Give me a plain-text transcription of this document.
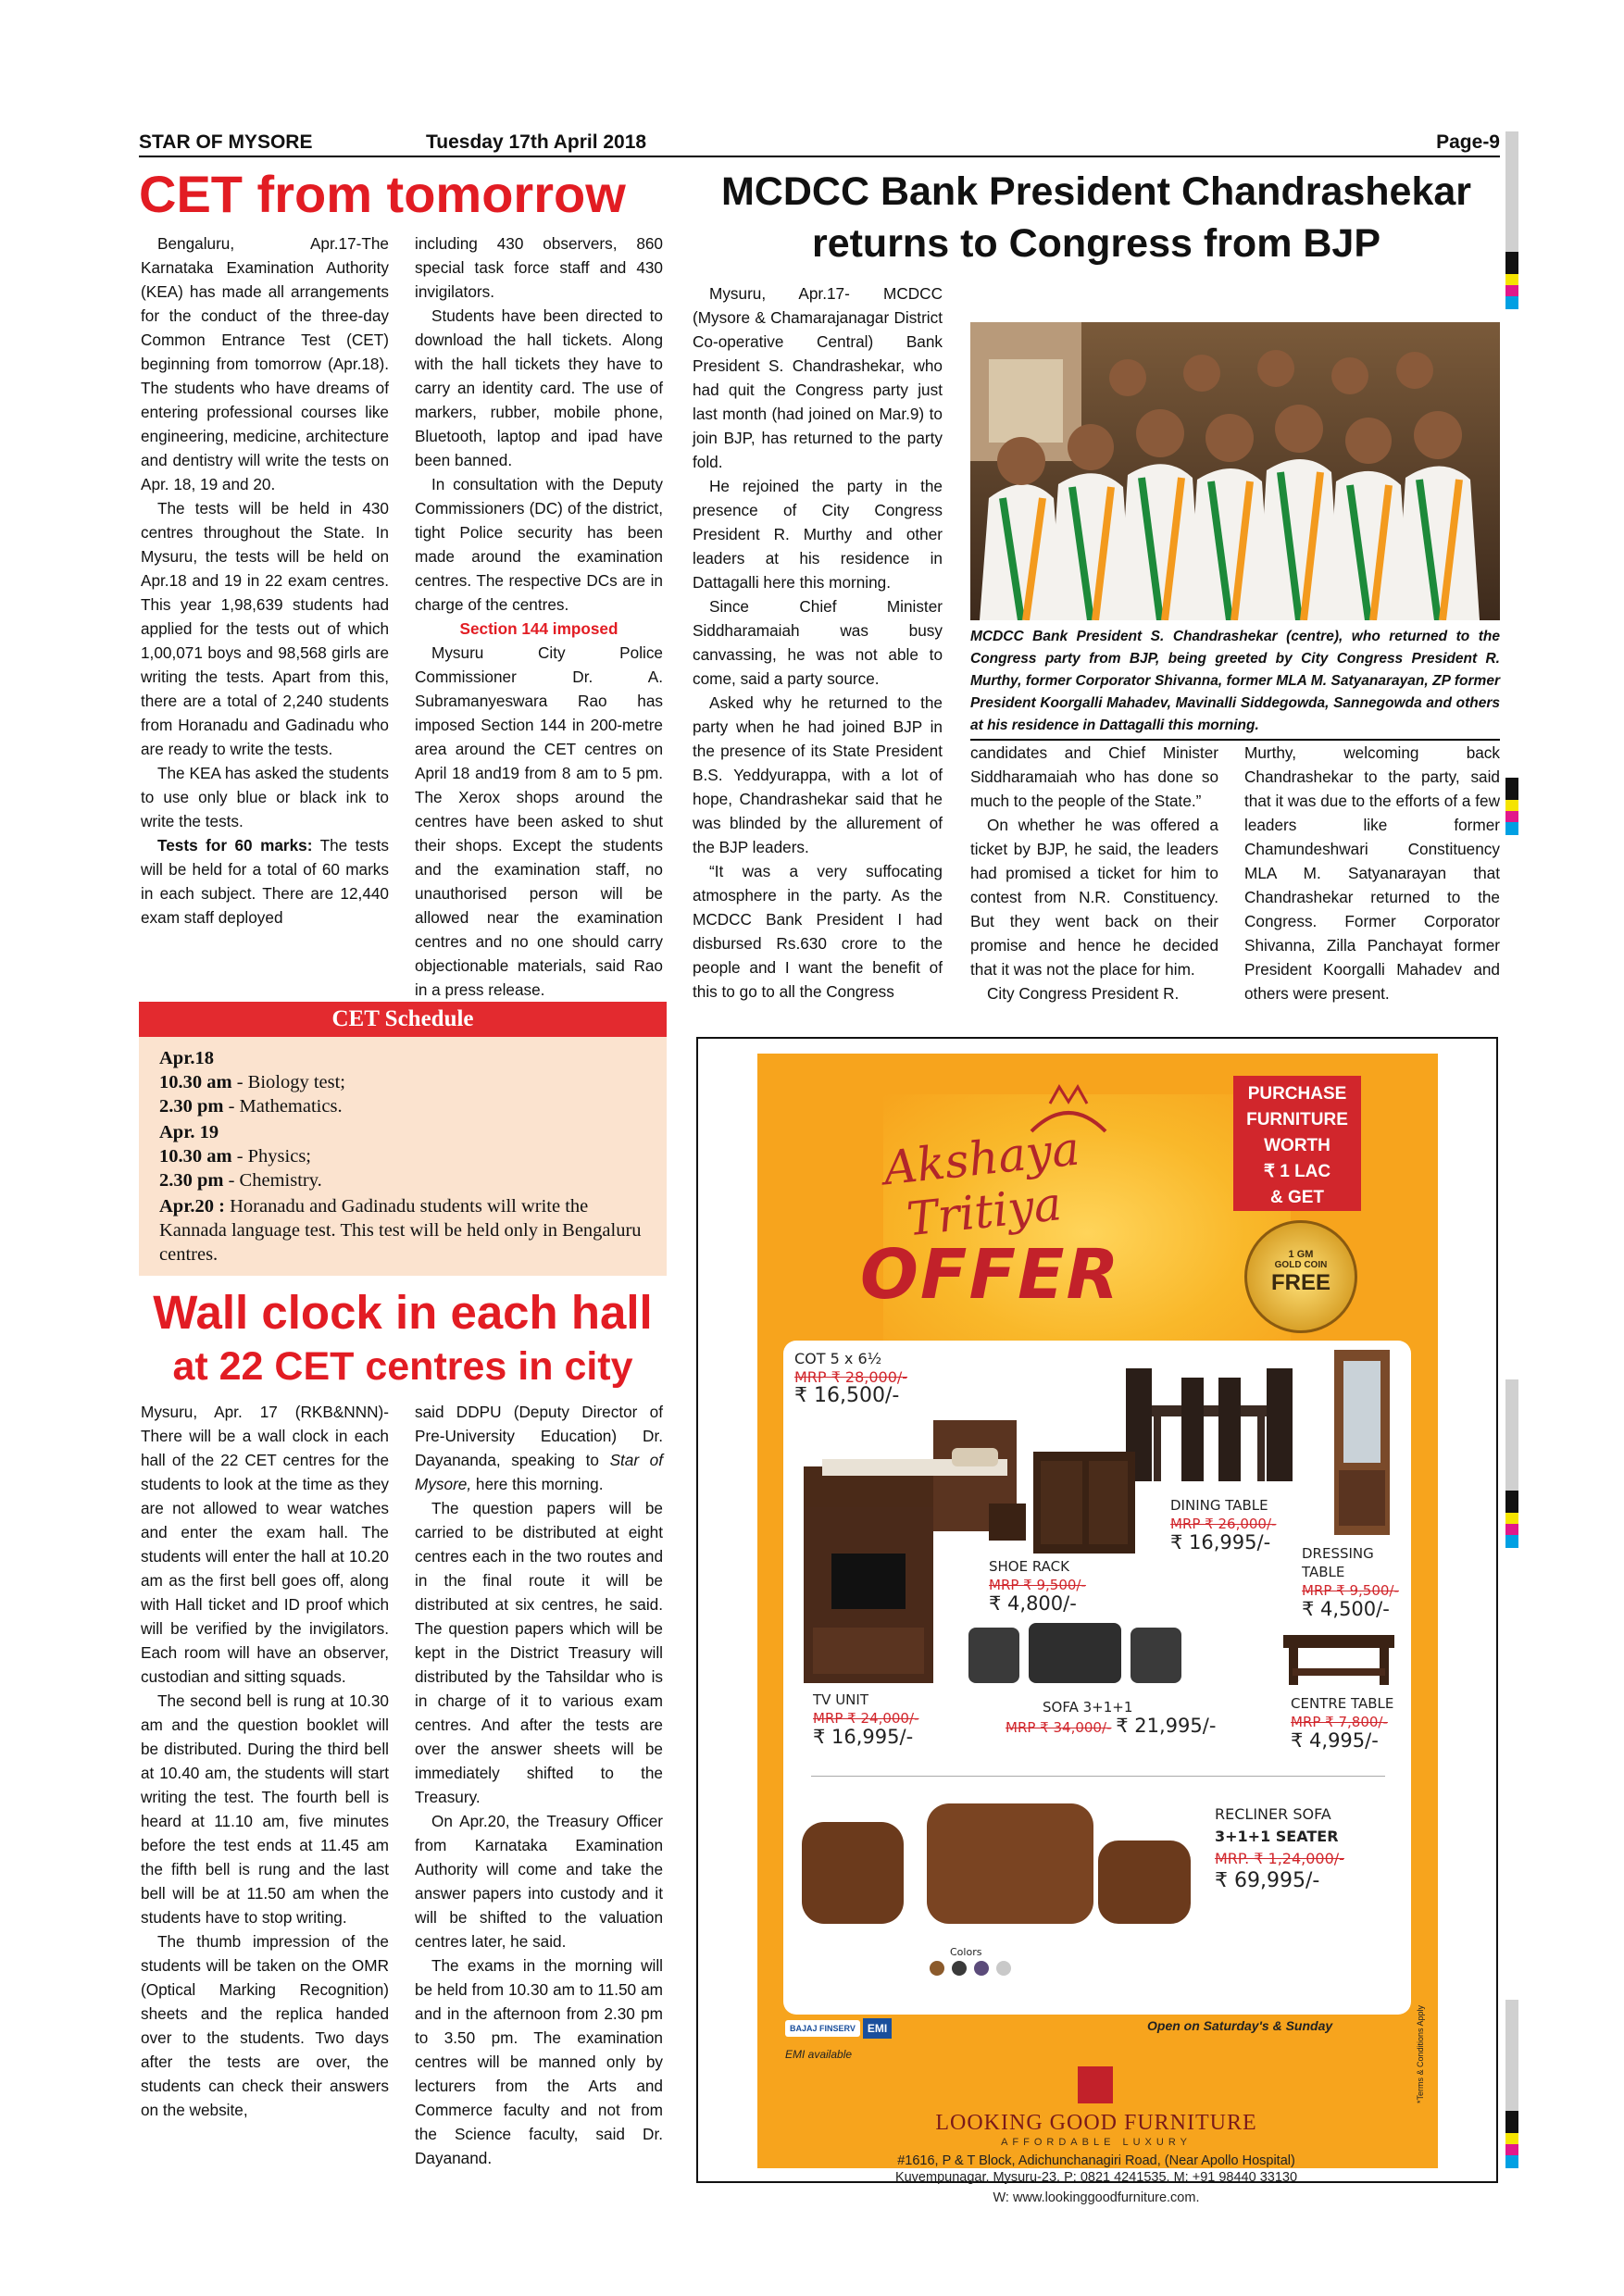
STAR OF MYSORE	Tuesday 17th April 2018	Page-9
CET from tomorrow

Bengaluru, Apr.17-The Karnataka Examination Authority (KEA) has made all arrangements for the conduct of the three-day Common Entrance Test (CET) beginning from tomorrow (Apr.18). The students who have dreams of entering professional courses like engineering, medicine, architecture and dentistry will write the tests on Apr. 18, 19 and 20.

The tests will be held in 430 centres throughout the State. In Mysuru, the tests will be held on Apr.18 and 19 in 22 exam centres. This year 1,98,639 students had applied for the tests out of which 1,00,071 boys and 98,568 girls are writing the tests. Apart from this, there are a total of 2,240 students from Horanadu and Gadinadu who are ready to write the tests.

The KEA has asked the students to use only blue or black ink to write the tests.

Tests for 60 marks: The tests will be held for a total of 60 marks in each subject. There are 12,440 exam staff deployed

including 430 observers, 860 special task force staff and 430 invigilators.

Students have been directed to download the hall tickets. Along with the hall tickets they have to carry an identity card. The use of markers, rubber, mobile phone, Bluetooth, laptop and ipad have been banned.

In consultation with the Deputy Commissioners (DC) of the district, tight Police security has been made around the examination centres. The respective DCs are in charge of the centres.

Section 144 imposed

Mysuru City Police Commissioner Dr. A. Subramanyeswara Rao has imposed Section 144 in 200-metre area around the CET centres on April 18 and19 from 8 am to 5 pm. The Xerox shops around the centres have been asked to shut their shops. Except the students and the examination staff, no unauthorised person will be allowed near the examination centres and no one should carry objectionable materials, said Rao in a press release.

CET Schedule
Apr.18
10.30 am - Biology test;
2.30 pm - Mathematics.
Apr. 19
10.30 am - Physics;
2.30 pm - Chemistry.
Apr.20 : Horanadu and Gadinadu students will write the Kannada language test. This test will be held only in Bengaluru centres.
Wall clock in each hall
at 22 CET centres in city

Mysuru, Apr. 17 (RKB&NNN)- There will be a wall clock in each hall of the 22 CET centres for the students to look at the time as they are not allowed to wear watches and enter the exam hall. The students will enter the hall at 10.20 am as the first bell goes off, along with Hall ticket and ID proof which will be verified by the invigilators. Each room will have an observer, custodian and sitting squads.

The second bell is rung at 10.30 am and the question booklet will be distributed. During the third bell at 10.40 am, the students will start writing the test. The fourth bell is heard at 11.10 am, five minutes before the test ends at 11.45 am the fifth bell is rung and the last bell will be at 11.50 am when the students have to stop writing.

The thumb impression of the students will be taken on the OMR (Optical Marking Recognition) sheets and the replica handed over to the students. Two days after the tests are over, the students can check their answers on the website,

said DDPU (Deputy Director of Pre-University Education) Dr. Dayananda, speaking to Star of Mysore, here this morning.

The question papers will be carried to be distributed at eight centres each in the two routes and in the final route it will be distributed at six centres, he said. The question papers which will be kept in the District Treasury will distributed by the Tahsildar who is in charge of it to various exam centres. And after the tests are over the answer sheets will be immediately shifted to the Treasury.

On Apr.20, the Treasury Officer from Karnataka Examination Authority will come and take the answer papers into custody and it will be shifted to the valuation centres later, he said.

The exams in the morning will be held from 10.30 am to 11.50 am and in the afternoon from 2.30 pm to 3.50 pm. The examination centres will be manned only by lecturers from the Arts and Commerce faculty and not from the Science faculty, said Dr. Dayanand.

MCDCC Bank President Chandrashekar
returns to Congress from BJP

Mysuru, Apr.17- MCDCC (Mysore & Chamarajanagar District Co-operative Central) Bank President S. Chandrashekar, who had quit the Congress party just last month (had joined on Mar.9) to join BJP, has returned to the party fold.

He rejoined the party in the presence of City Congress President R. Murthy and other leaders at his residence in Dattagalli here this morning.

Since Chief Minister Siddharamaiah was busy canvassing, he was not able to come, said a party source.

Asked why he returned to the party when he had joined BJP in the presence of its State President B.S. Yeddyurappa, with a lot of hope, Chandrashekar said that he was blinded by the allurement of the BJP leaders.

“It was a very suffocating atmosphere in the party. As the MCDCC Bank President I had disbursed Rs.630 crore to the people and I want the benefit of this to go to all the Congress

MCDCC Bank President S. Chandrashekar (centre), who returned to the Congress party from BJP, being greeted by City Congress President R. Murthy, former Corporator Shivanna, former MLA M. Satyanarayan, ZP former President Koorgalli Mahadev, Mavinalli Siddegowda, Sannegowda and others at his residence in Dattagalli this morning.

candidates and Chief Minister Siddharamaiah who has done so much to the people of the State.”

On whether he was offered a ticket by BJP, he said, the leaders had promised a ticket for him to contest from N.R. Constituency. But they went back on their promise and hence he decided that it was not the place for him.

City Congress President R.

Murthy, welcoming back Chandrashekar to the party, said that it was due to the efforts of a few leaders like former Chamundeshwari Constituency MLA M. Satyanarayan that Chandrashekar returned to the Congress. Former Corporator Shivanna, Zilla Panchayat former President Koorgalli Mahadev and others were present.

Akshaya
Tritiya
OFFER
PURCHASE
FURNITURE
WORTH
₹ 1 LAC
& GET
1 GM
GOLD COIN
FREE
COT 5 x 6½
MRP ₹ 28,000/-
₹ 16,500/-
DINING TABLE
MRP ₹ 26,000/-
₹ 16,995/-
SHOE RACK
MRP ₹ 9,500/-
₹ 4,800/-
DRESSING TABLE
MRP ₹ 9,500/-
₹ 4,500/-
TV UNIT
MRP ₹ 24,000/-
₹ 16,995/-
SOFA 3+1+1
MRP ₹ 34,000/- ₹ 21,995/-
CENTRE TABLE
MRP ₹ 7,800/-
₹ 4,995/-
RECLINER SOFA
3+1+1 SEATER
MRP. ₹ 1,24,000/-
₹ 69,995/-
Colors
Open on Saturday's & Sunday
BAJAJ FINSERV	EMI
EMI available
LOOKING GOOD FURNITURE
AFFORDABLE LUXURY
#1616, P & T Block, Adichunchanagiri Road, (Near Apollo Hospital)
Kuvempunagar, Mysuru-23. P: 0821 4241535, M: +91 98440 33130
W: www.lookinggoodfurniture.com.
*Terms & Conditions Apply
